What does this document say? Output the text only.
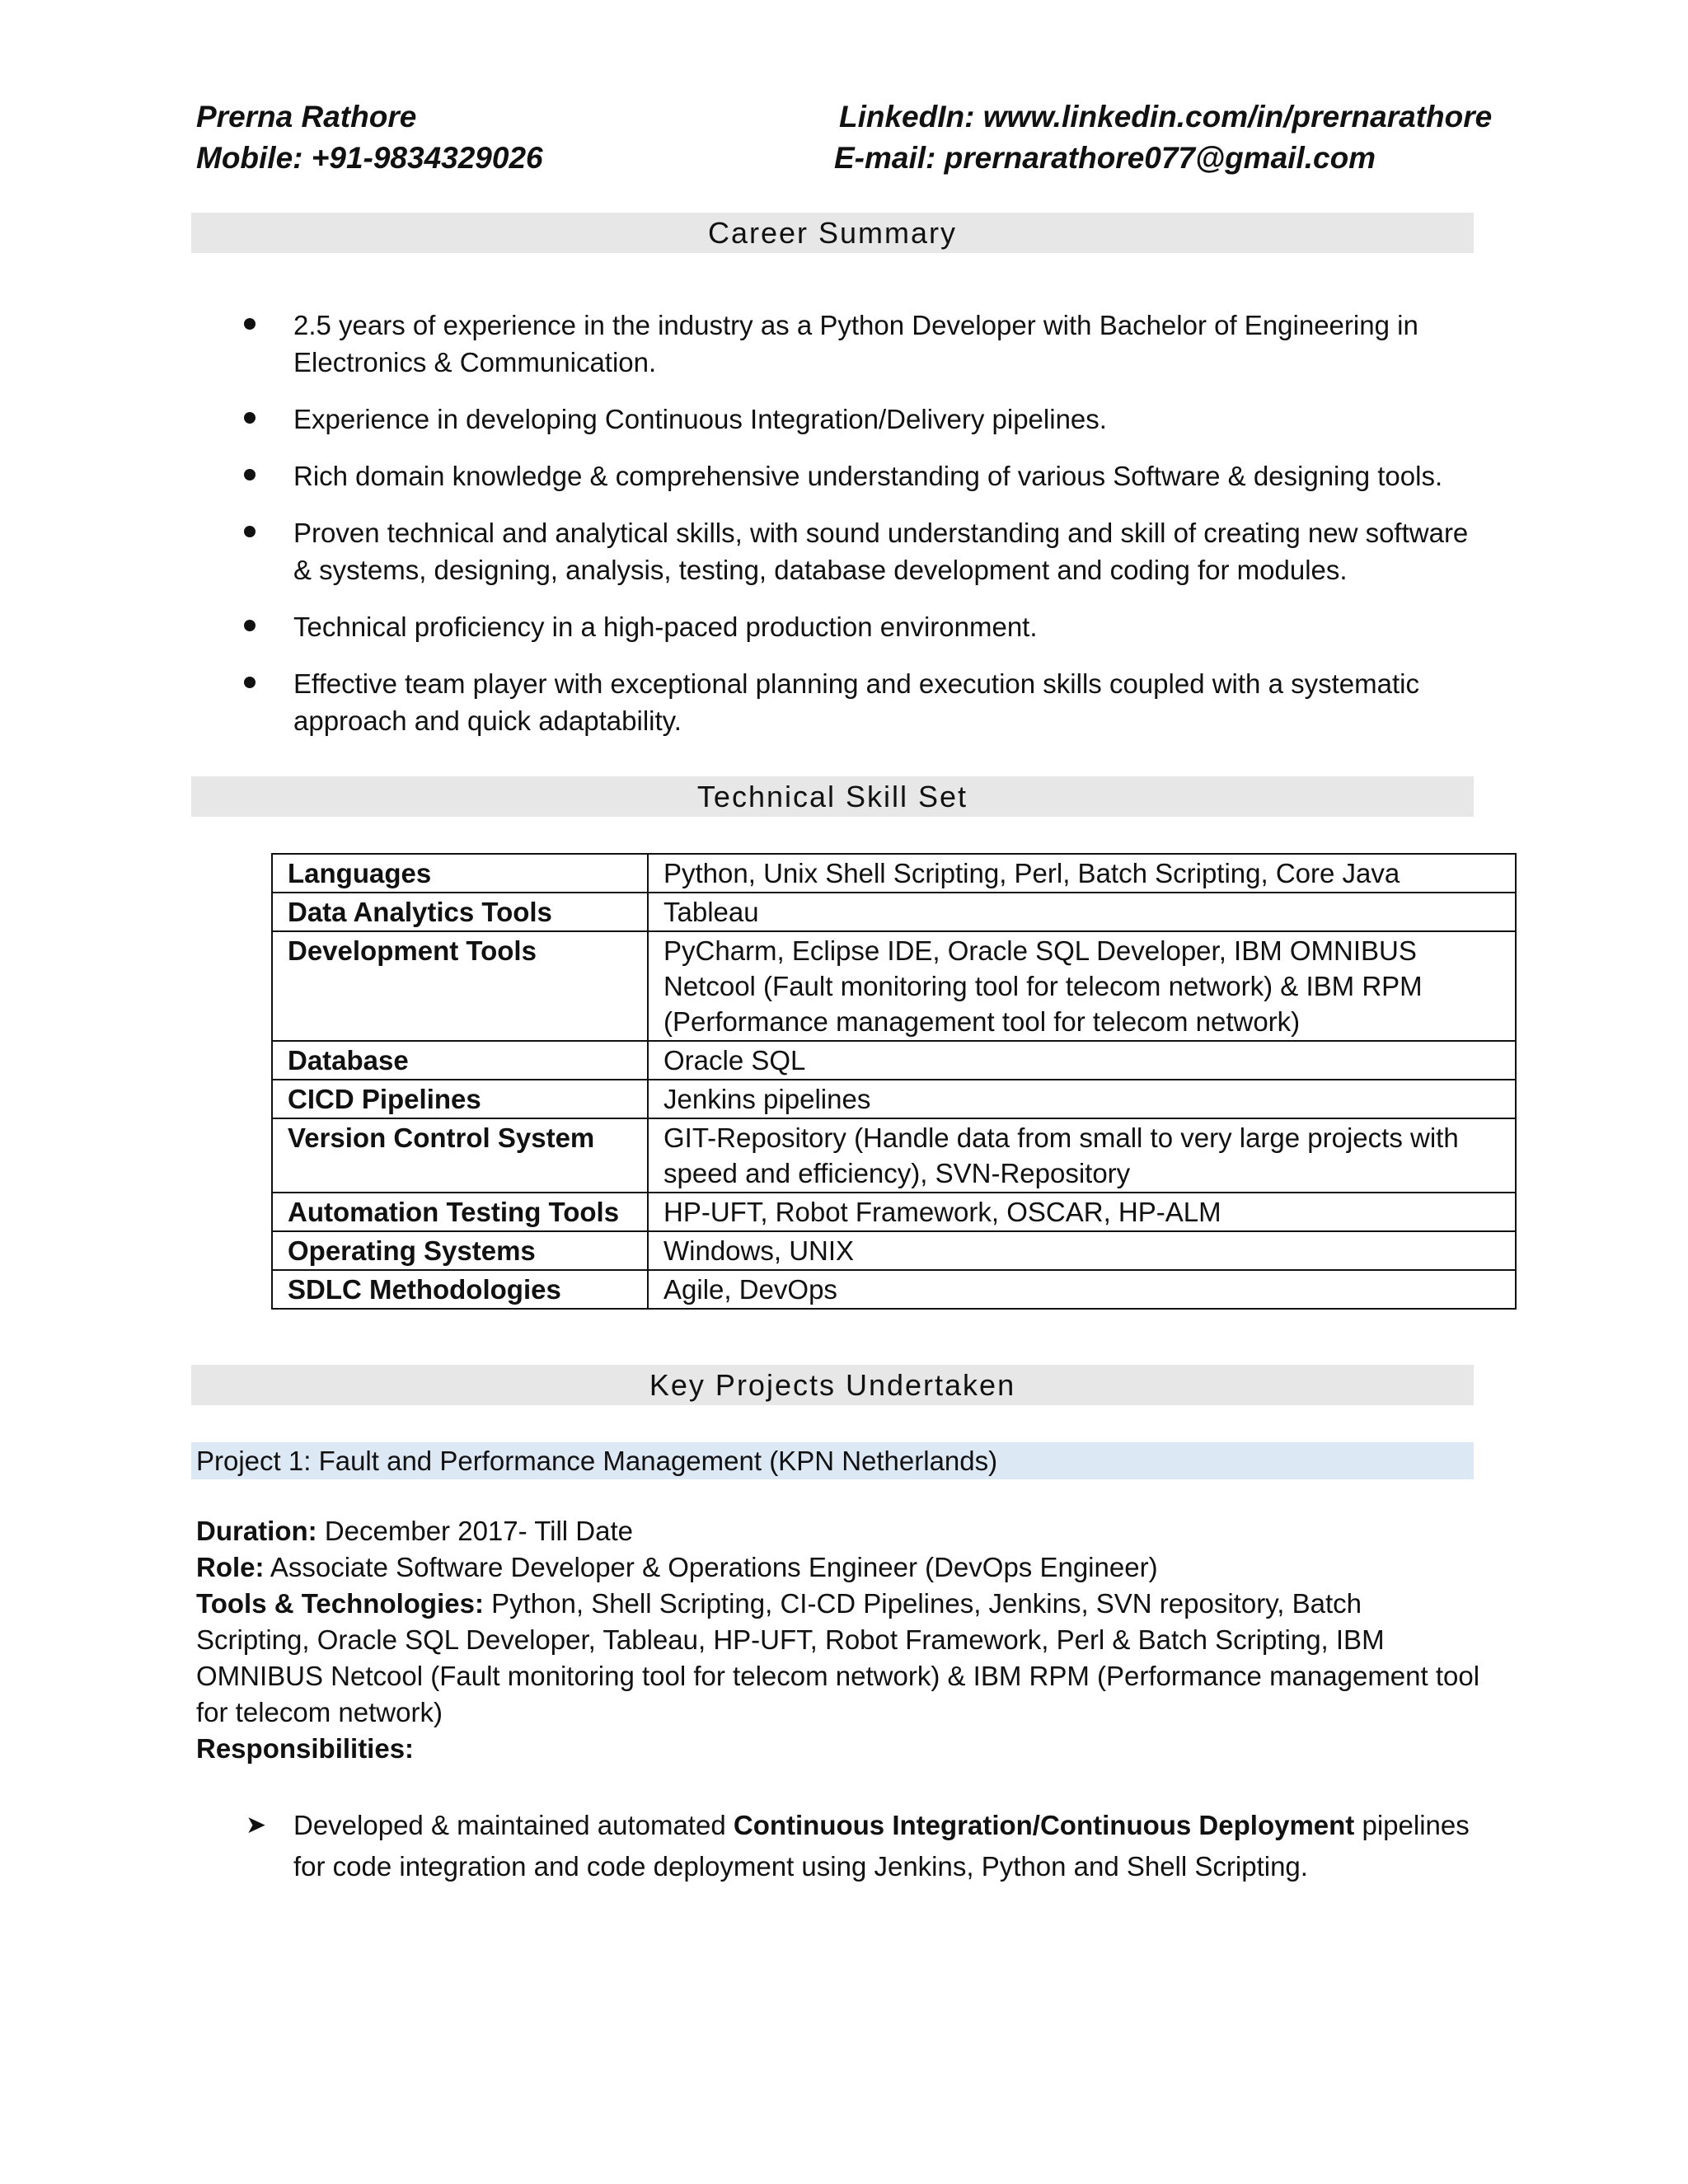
Prerna Rathore
Mobile: +91-9834329026
LinkedIn: www.linkedin.com/in/prernarathore
E-mail: prernarathore077@gmail.com
Career Summary
2.5 years of experience in the industry as a Python Developer with Bachelor of Engineering in Electronics & Communication.
Experience in developing Continuous Integration/Delivery pipelines.
Rich domain knowledge & comprehensive understanding of various Software & designing tools.
Proven technical and analytical skills, with sound understanding and skill of creating new software & systems, designing, analysis, testing, database development and coding for modules.
Technical proficiency in a high-paced production environment.
Effective team player with exceptional planning and execution skills coupled with a systematic approach and quick adaptability.
Technical Skill Set
Languages	Python, Unix Shell Scripting, Perl, Batch Scripting, Core Java
Data Analytics Tools	Tableau
Development Tools	PyCharm, Eclipse IDE, Oracle SQL Developer, IBM OMNIBUS Netcool (Fault monitoring tool for telecom network) & IBM RPM (Performance management tool for telecom network)
Database	Oracle SQL
CICD Pipelines	Jenkins pipelines
Version Control System	GIT-Repository (Handle data from small to very large projects with speed and efficiency), SVN-Repository
Automation Testing Tools	HP-UFT, Robot Framework, OSCAR, HP-ALM
Operating Systems	Windows, UNIX
SDLC Methodologies	Agile, DevOps
Key Projects Undertaken
Project 1: Fault and Performance Management (KPN Netherlands)

Duration: December 2017- Till Date

Role: Associate Software Developer & Operations Engineer (DevOps Engineer)

Tools & Technologies: Python, Shell Scripting, CI-CD Pipelines, Jenkins, SVN repository, Batch Scripting, Oracle SQL Developer, Tableau, HP-UFT, Robot Framework, Perl & Batch Scripting, IBM OMNIBUS Netcool (Fault monitoring tool for telecom network) & IBM RPM (Performance management tool for telecom network)

Responsibilities:

➤ Developed & maintained automated Continuous Integration/Continuous Deployment pipelines for code integration and code deployment using Jenkins, Python and Shell Scripting.
